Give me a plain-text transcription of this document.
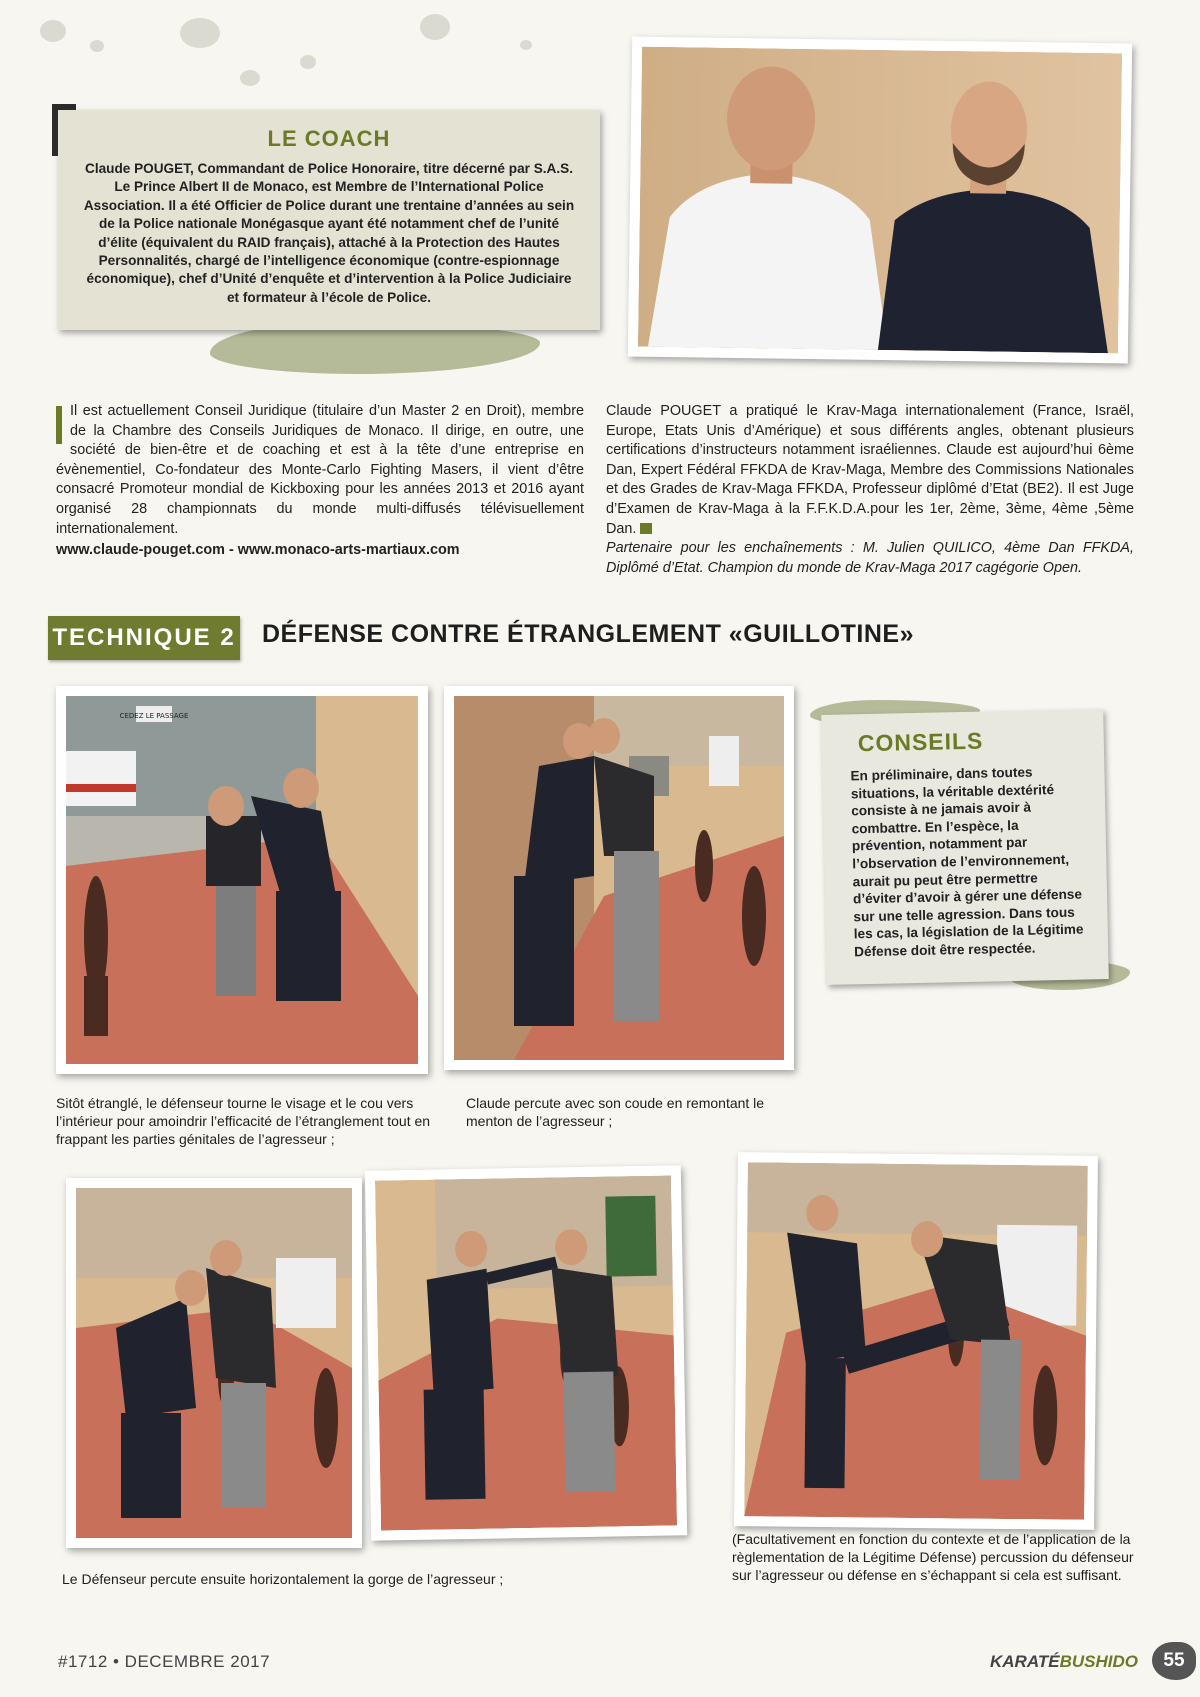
LE COACH
Claude POUGET, Commandant de Police Honoraire, titre décerné par S.A.S. Le Prince Albert II de Monaco, est Membre de l’International Police Association. Il a été Officier de Police durant une trentaine d’années au sein de la Police nationale Monégasque ayant été notamment chef de l’unité d’élite (équivalent du RAID français), attaché à la Protection des Hautes Personnalités, chargé de l’intelligence économique (contre-espionnage économique), chef d’Unité d’enquête et d’intervention à la Police Judiciaire et formateur à l’école de Police.
Il est actuellement Conseil Juridique (titulaire d’un Master 2 en Droit), membre de la Chambre des Conseils Juridiques de Monaco. Il dirige, en outre, une société de bien-être et de coaching et est à la tête d’une entreprise en évènementiel, Co-fondateur des Monte-Carlo Fighting Masers, il vient d’être consacré Promoteur mondial de Kickboxing pour les années 2013 et 2016 ayant organisé 28 championnats du monde multi-diffusés télévisuellement internationalement.
www.claude-pouget.com - www.monaco-arts-martiaux.com
Claude POUGET a pratiqué le Krav-Maga internationalement (France, Israël, Europe, Etats Unis d’Amérique) et sous différents angles, obtenant plusieurs certifications d’instructeurs notamment israéliennes. Claude est aujourd’hui 6ème Dan, Expert Fédéral FFKDA de Krav-Maga, Membre des Commissions Nationales et des Grades de Krav-Maga FFKDA, Professeur diplômé d’Etat (BE2). Il est Juge d’Examen de Krav-Maga à la F.F.K.D.A.pour les 1er, 2ème, 3ème, 4ème ,5ème Dan.
Partenaire pour les enchaînements : M. Julien QUILICO, 4ème Dan FFKDA, Diplômé d’Etat. Champion du monde de Krav-Maga 2017 cagégorie Open.
TECHNIQUE 2 DÉFENSE CONTRE ÉTRANGLEMENT «GUILLOTINE»
CEDEZ LE PASSAGE
CONSEILS
En préliminaire, dans toutes situations, la véritable dextérité consiste à ne jamais avoir à combattre. En l’espèce, la prévention, notamment par l’observation de l’environnement, aurait pu peut être permettre d’éviter d’avoir à gérer une défense sur une telle agression. Dans tous les cas, la législation de la Légitime Défense doit être respectée.
Sitôt étranglé, le défenseur tourne le visage et le cou vers l’intérieur pour amoindrir l’efficacité de l’étranglement tout en frappant les parties génitales de l’agresseur ;
Claude percute avec son coude en remontant le menton de l’agresseur ;
Le Défenseur percute ensuite horizontalement la gorge de l’agresseur ;
(Facultativement en fonction du contexte et de l’application de la règlementation de la Légitime Défense) percussion du défenseur sur l’agresseur ou défense en s’échappant si cela est suffisant.
#1712 • DECEMBRE 2017	KARATÉBUSHIDO	55
